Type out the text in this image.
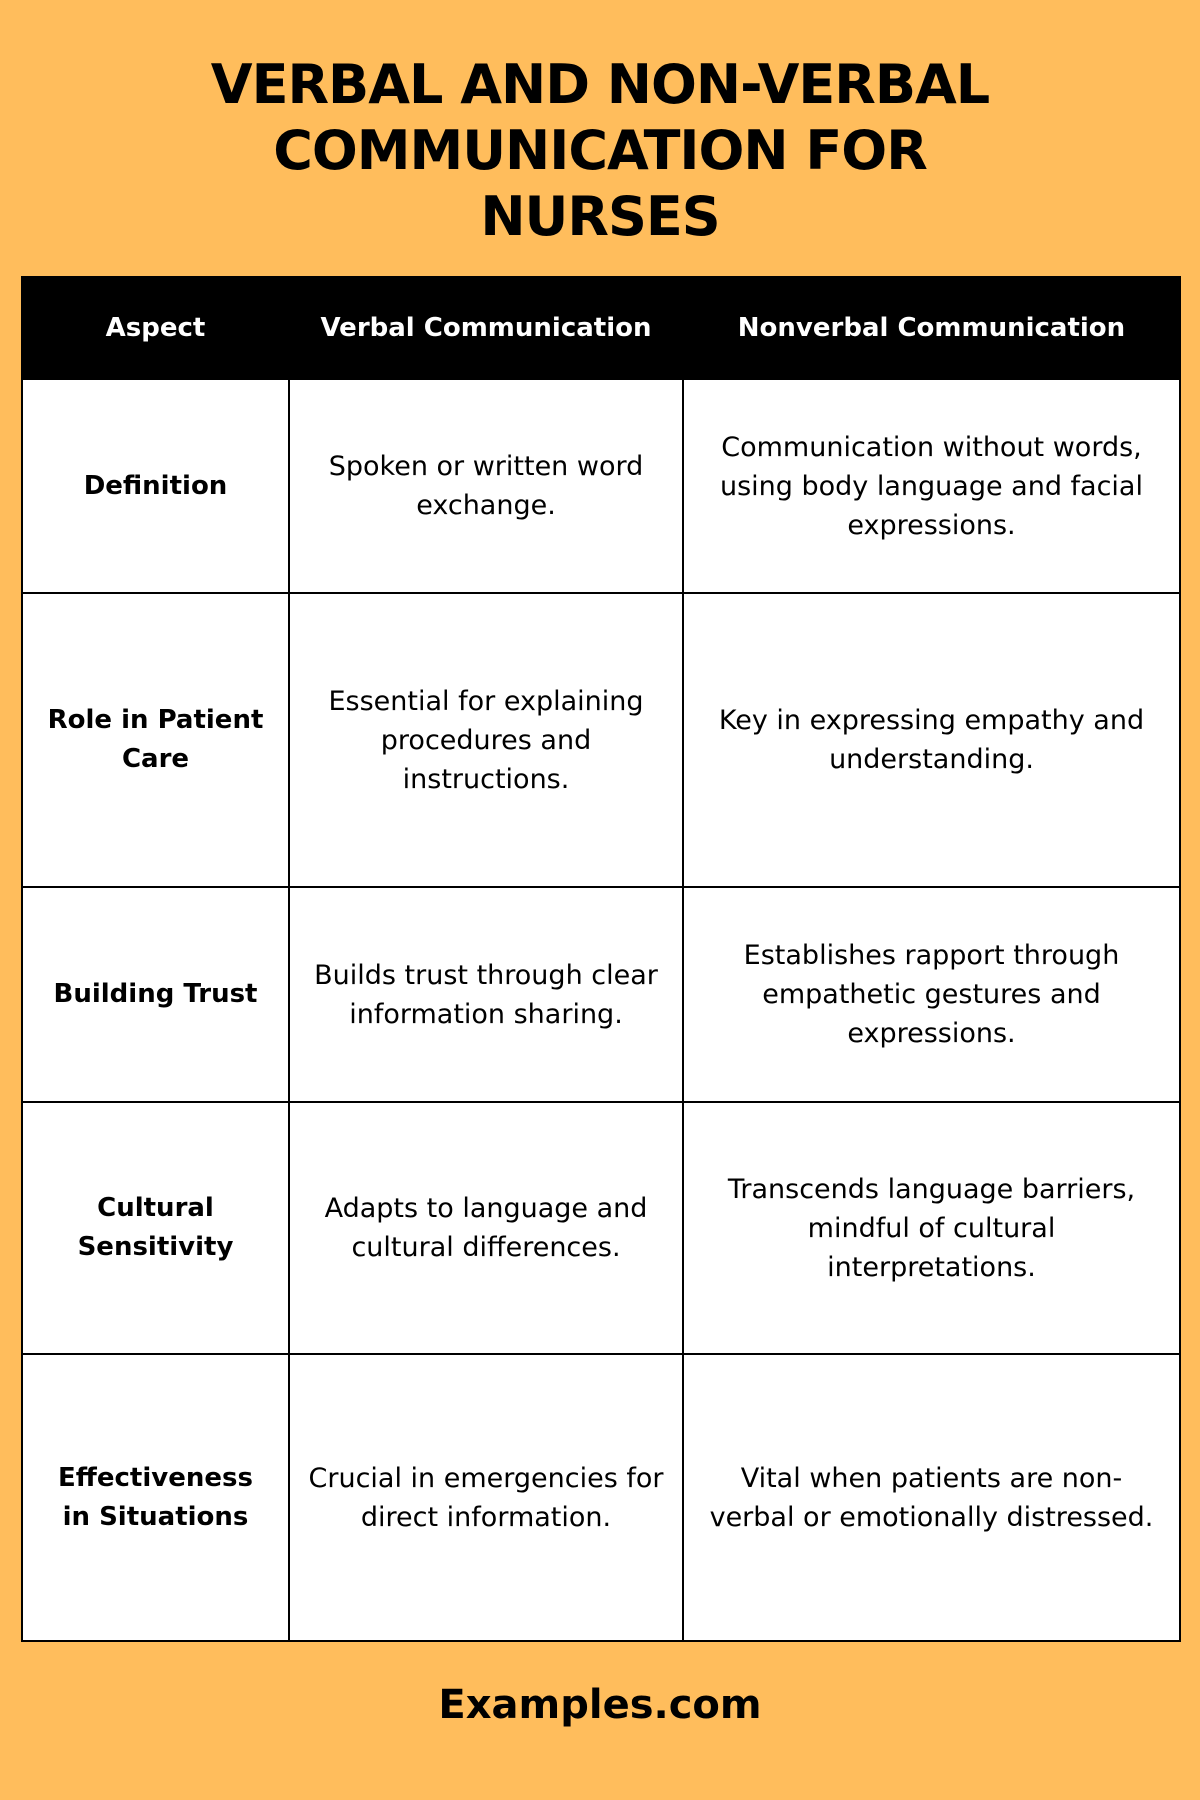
VERBAL AND NON-VERBAL
COMMUNICATION FOR
NURSES
Aspect	Verbal Communication	Nonverbal Communication
Definition	Spoken or written word exchange.	Communication without words, using body language and facial expressions.
Role in Patient Care	Essential for explaining procedures and instructions.	Key in expressing empathy and understanding.
Building Trust	Builds trust through clear information sharing.	Establishes rapport through empathetic gestures and expressions.
Cultural Sensitivity	Adapts to language and cultural differences.	Transcends language barriers, mindful of cultural interpretations.
Effectiveness in Situations	Crucial in emergencies for direct information.	Vital when patients are non-verbal or emotionally distressed.
Examples.com
